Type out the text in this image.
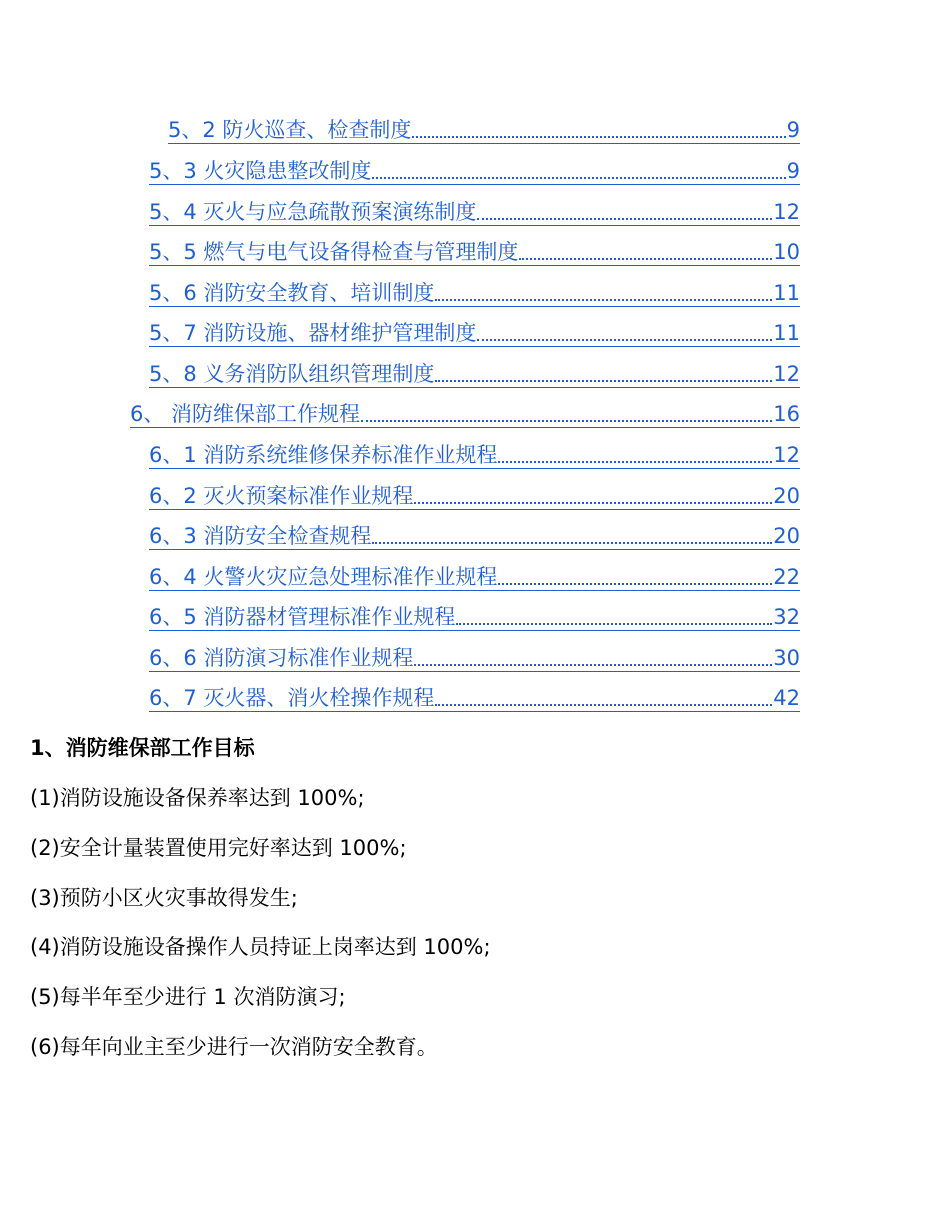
5、2 防火巡查、检查制度	9
5、3 火灾隐患整改制度	9
5、4 灭火与应急疏散预案演练制度	12
5、5 燃气与电气设备得检查与管理制度	10
5、6 消防安全教育、培训制度	11
5、7 消防设施、器材维护管理制度	11
5、8 义务消防队组织管理制度	12
6、 消防维保部工作规程	16
6、1 消防系统维修保养标准作业规程	12
6、2 灭火预案标准作业规程	20
6、3 消防安全检查规程	20
6、4 火警火灾应急处理标准作业规程	22
6、5 消防器材管理标准作业规程	32
6、6 消防演习标准作业规程	30
6、7 灭火器、消火栓操作规程	42
1、消防维保部工作目标
(1)消防设施设备保养率达到 100%;
(2)安全计量装置使用完好率达到 100%;
(3)预防小区火灾事故得发生;
(4)消防设施设备操作人员持证上岗率达到 100%;
(5)每半年至少进行 1 次消防演习;
(6)每年向业主至少进行一次消防安全教育。
